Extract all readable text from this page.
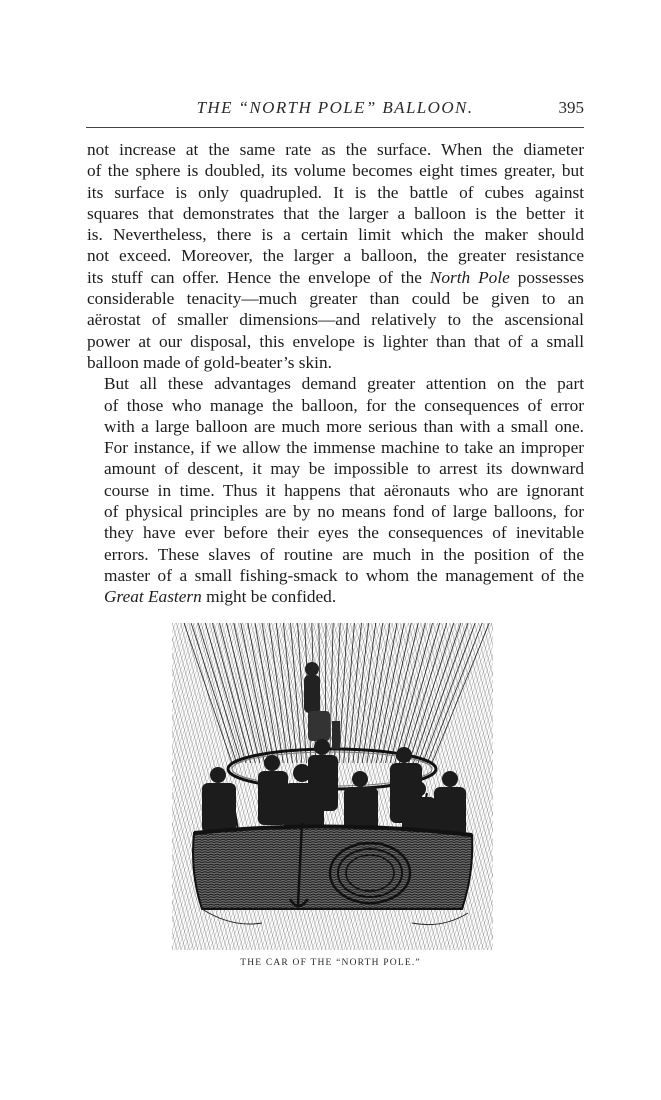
THE “NORTH POLE” BALLOON.	395

not increase at the same rate as the surface. When the diameter
of the sphere is doubled, its volume becomes eight times greater, but
its surface is only quadrupled. It is the battle of cubes against
squares that demonstrates that the larger a balloon is the better it
is. Nevertheless, there is a certain limit which the maker should
not exceed. Moreover, the larger a balloon, the greater resistance
its stuff can offer. Hence the envelope of the North Pole possesses
considerable tenacity—much greater than could be given to an
aërostat of smaller dimensions—and relatively to the ascensional
power at our disposal, this envelope is lighter than that of a small
balloon made of gold-beater’s skin.

But all these advantages demand greater attention on the part
of those who manage the balloon, for the consequences of error
with a large balloon are much more serious than with a small one.
For instance, if we allow the immense machine to take an improper
amount of descent, it may be impossible to arrest its downward
course in time. Thus it happens that aëronauts who are ignorant
of physical principles are by no means fond of large balloons, for
they have ever before their eyes the consequences of inevitable
errors. These slaves of routine are much in the position of the
master of a small fishing-smack to whom the management of the
Great Eastern might be confided.

THE CAR OF THE “NORTH POLE.”
